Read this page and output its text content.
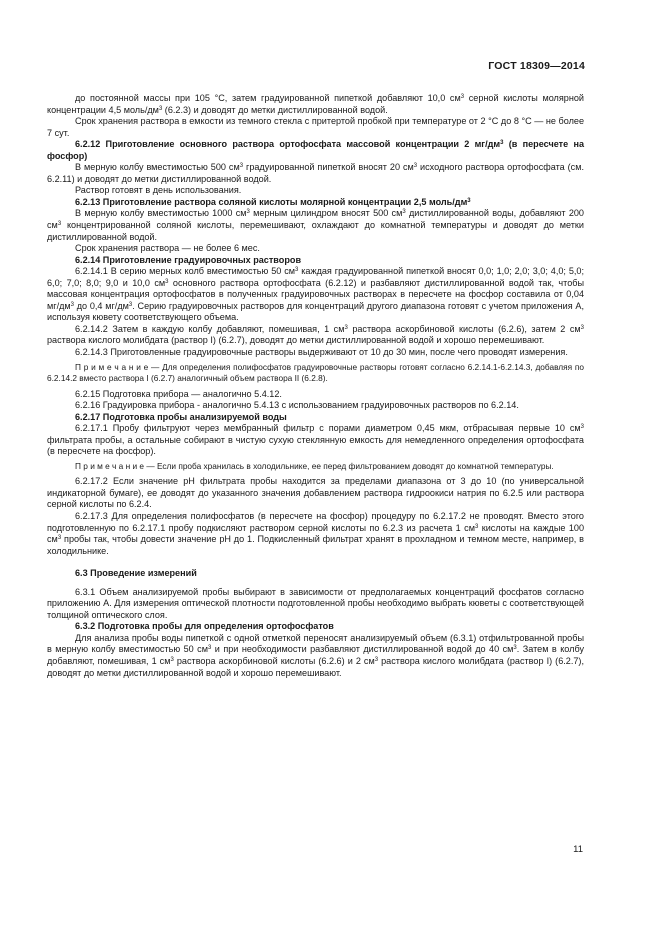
ГОСТ 18309—2014

до постоянной массы при 105 °С, затем градуированной пипеткой добавляют 10,0 $см^3$ серной кислоты молярной концентрации 4,5 моль/$дм^3$ (6.2.3) и доводят до метки дистиллированной водой.

Срок хранения раствора в емкости из темного стекла с притертой пробкой при температуре от 2 °С до 8 °С — не более 7 сут.

6.2.12 Приготовление основного раствора ортофосфата массовой концентрации 2 $мг/дм^3$ (в пересчете на фосфор)

В мерную колбу вместимостью 500 $см^3$ градуированной пипеткой вносят 20 $см^3$ исходного раствора ортофосфата (см. 6.2.11) и доводят до метки дистиллированной водой.

Раствор готовят в день использования.

6.2.13 Приготовление раствора соляной кислоты молярной концентрации 2,5 моль/$дм^3$

В мерную колбу вместимостью 1000 $см^3$ мерным цилиндром вносят 500 $см^3$ дистиллированной воды, добавляют 200 $см^3$ концентрированной соляной кислоты, перемешивают, охлаждают до комнатной температуры и доводят до метки дистиллированной водой.

Срок хранения раствора — не более 6 мес.

6.2.14 Приготовление градуировочных растворов

6.2.14.1 В серию мерных колб вместимостью 50 $см^3$ каждая градуированной пипеткой вносят 0,0; 1,0; 2,0; 3,0; 4,0; 5,0; 6,0; 7,0; 8,0; 9,0 и 10,0 $см^3$ основного раствора ортофосфата (6.2.12) и разбавляют дистиллированной водой так, чтобы массовая концентрация ортофосфатов в полученных градуировочных растворах в пересчете на фосфор составила от 0,04 $мг/дм^3$ до 0,4 $мг/дм^3$. Серию градуировочных растворов для концентраций другого диапазона готовят с учетом приложения А, используя кювету соответствующего объема.

6.2.14.2 Затем в каждую колбу добавляют, помешивая, 1 $см^3$ раствора аскорбиновой кислоты (6.2.6), затем 2 $см^3$ раствора кислого молибдата (раствор I) (6.2.7), доводят до метки дистиллированной водой и хорошо перемешивают.

6.2.14.3 Приготовленные градуировочные растворы выдерживают от 10 до 30 мин, после чего проводят измерения.

П р и м е ч а н и е — Для определения полифосфатов градуировочные растворы готовят согласно 6.2.14.1-6.2.14.3, добавляя по 6.2.14.2 вместо раствора I (6.2.7) аналогичный объем раствора II (6.2.8).

6.2.15 Подготовка прибора — аналогично 5.4.12.

6.2.16 Градуировка прибора - аналогично 5.4.13 с использованием градуировочных растворов по 6.2.14.

6.2.17 Подготовка пробы анализируемой воды

6.2.17.1 Пробу фильтруют через мембранный фильтр с порами диаметром 0,45 мкм, отбрасывая первые 10 $см^3$ фильтрата пробы, а остальные собирают в чистую сухую стеклянную емкость для немедленного определения ортофосфата (в пересчете на фосфор).

П р и м е ч а н и е — Если проба хранилась в холодильнике, ее перед фильтрованием доводят до комнатной температуры.

6.2.17.2 Если значение рН фильтрата пробы находится за пределами диапазона от 3 до 10 (по универсальной индикаторной бумаге), ее доводят до указанного значения добавлением раствора гидроокиси натрия по 6.2.5 или раствора серной кислоты по 6.2.4.

6.2.17.3 Для определения полифосфатов (в пересчете на фосфор) процедуру по 6.2.17.2 не проводят. Вместо этого подготовленную по 6.2.17.1 пробу подкисляют раствором серной кислоты по 6.2.3 из расчета 1 $см^3$ кислоты на каждые 100 $см^3$ пробы так, чтобы довести значение рН до 1. Подкисленный фильтрат хранят в прохладном и темном месте, например, в холодильнике.

6.3 Проведение измерений

6.3.1 Объем анализируемой пробы выбирают в зависимости от предполагаемых концентраций фосфатов согласно приложению А. Для измерения оптической плотности подготовленной пробы необходимо выбрать кюветы с соответствующей толщиной оптического слоя.

6.3.2 Подготовка пробы для определения ортофосфатов

Для анализа пробы воды пипеткой с одной отметкой переносят анализируемый объем (6.3.1) отфильтрованной пробы в мерную колбу вместимостью 50 $см^3$ и при необходимости разбавляют дистиллированной водой до 40 $см^3$. Затем в колбу добавляют, помешивая, 1 $см^3$ раствора аскорбиновой кислоты (6.2.6) и 2 $см^3$ раствора кислого молибдата (раствор I) (6.2.7), доводят до метки дистиллированной водой и хорошо перемешивают.

11
